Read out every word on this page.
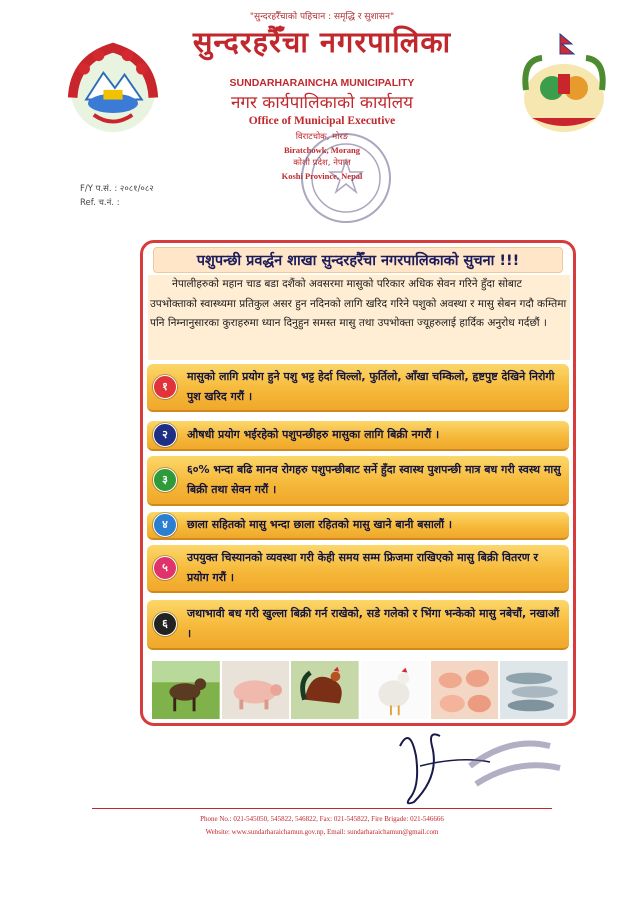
"सुन्दरहरैँचाको पहिचान : समृद्धि र सुशासन"
सुन्दरहरैँचा नगरपालिका
SUNDARHARAINCHA MUNICIPALITY
नगर कार्यपालिकाको कार्यालय
Office of Municipal Executive
विराटचोक, मोरङ
Biratchowk, Morang
कोशी प्रदेश, नेपाल
Koshi Province, Nepal
F/Y प.सं. : २०८१/०८२
Ref. च.नं. :
पशुपन्छी प्रवर्द्धन शाखा सुन्दरहरैँचा नगरपालिकाको सुचना !!!
नेपालीहरुको महान चाड बडा दशैंको अवसरमा मासुको परिकार अधिक सेवन गरिने हुँदा सोबाट उपभोक्ताको स्वास्थ्यमा प्रतिकुल असर हुन नदिनको लागि खरिद गरिने पशुको अवस्था र मासु सेबन गदौ कम्तिमा पनि निम्नानुसारका कुराहरुमा ध्यान दिनुहुन समस्त मासु तथा उपभोक्ता ज्यूहरुलाई हार्दिक अनुरोध गर्दछौं ।
१
मासुको लागि प्रयोग हुने पशु भट्ट हेर्दा चिल्लो, फुर्तिलो, आँखा चम्किलो, हृष्टपुष्ट देखिने निरोगी पुश खरिद गरौं ।
२	औषधी प्रयोग भईरहेको पशुपन्छीहरु मासुका लागि बिक्री नगरौं ।
३
६०% भन्दा बढि मानव रोगहरु पशुपन्छीबाट सर्ने हुँदा स्वास्थ पुशपन्छी मात्र बध गरी स्वस्थ मासु बिक्री तथा सेवन गरौं ।
४	छाला सहितको मासु भन्दा छाला रहितको मासु खाने बानी बसालौं ।
५
उपयुक्त चिस्यानको व्यवस्था गरी केही समय सम्म फ्रिजमा राखिएको मासु बिक्री वितरण र प्रयोग गरौं ।
६
जथाभावी बध गरी खुल्ला बिक्री गर्न राखेको, सडे गलेको र भिंगा भन्केको मासु नबेचौं, नखाऔं ।
Phone No.: 021-545050, 545822, 546822, Fax: 021-545822, Fire Brigade: 021-546666
Website: www.sundarharaichamun.gov.np, Email: sundarharaichamun@gmail.com
